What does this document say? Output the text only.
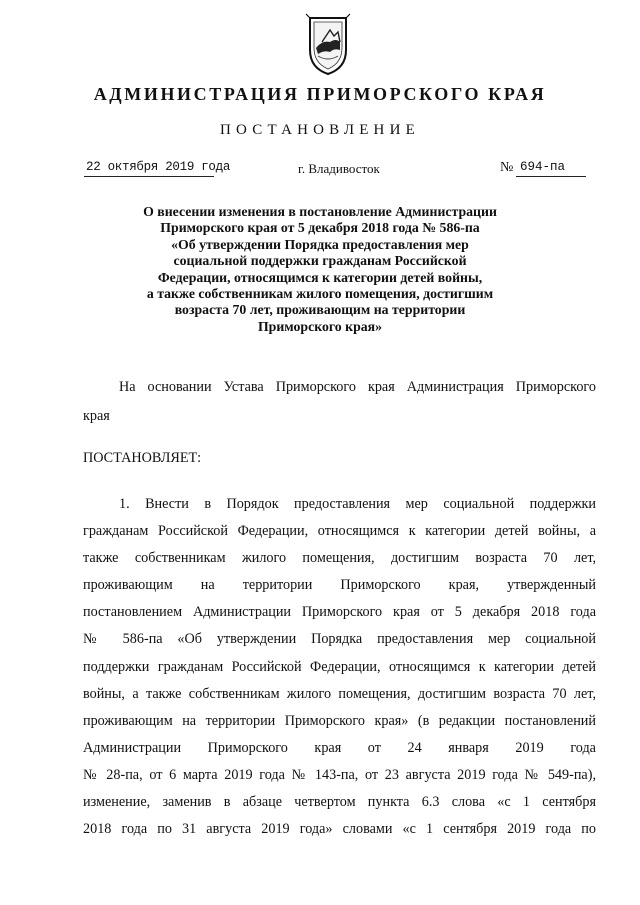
АДМИНИСТРАЦИЯ ПРИМОРСКОГО КРАЯ
ПОСТАНОВЛЕНИЕ
22 октября 2019 года	г. Владивосток	№ 694-па
О внесении изменения в постановление Администрации
Приморского края от 5 декабря 2018 года № 586-па
«Об утверждении Порядка предоставления мер
социальной поддержки гражданам Российской
Федерации, относящимся к категории детей войны,
а также собственникам жилого помещения, достигшим
возраста 70 лет, проживающим на территории
Приморского края»
На основании Устава Приморского края Администрация Приморского
края
ПОСТАНОВЛЯЕТ:
1. Внести в Порядок предоставления мер социальной поддержки
гражданам Российской Федерации, относящимся к категории детей войны, а
также собственникам жилого помещения, достигшим возраста 70 лет,
проживающим на территории Приморского края, утвержденный
постановлением Администрации Приморского края от 5 декабря 2018 года
№ 586-па «Об утверждении Порядка предоставления мер социальной
поддержки гражданам Российской Федерации, относящимся к категории детей
войны, а также собственникам жилого помещения, достигшим возраста 70 лет,
проживающим на территории Приморского края» (в редакции постановлений
Администрации Приморского края от 24 января 2019 года
№ 28-па, от 6 марта 2019 года № 143-па, от 23 августа 2019 года № 549-па),
изменение, заменив в абзаце четвертом пункта 6.3 слова «с 1 сентября
2018 года по 31 августа 2019 года» словами «с 1 сентября 2019 года по
